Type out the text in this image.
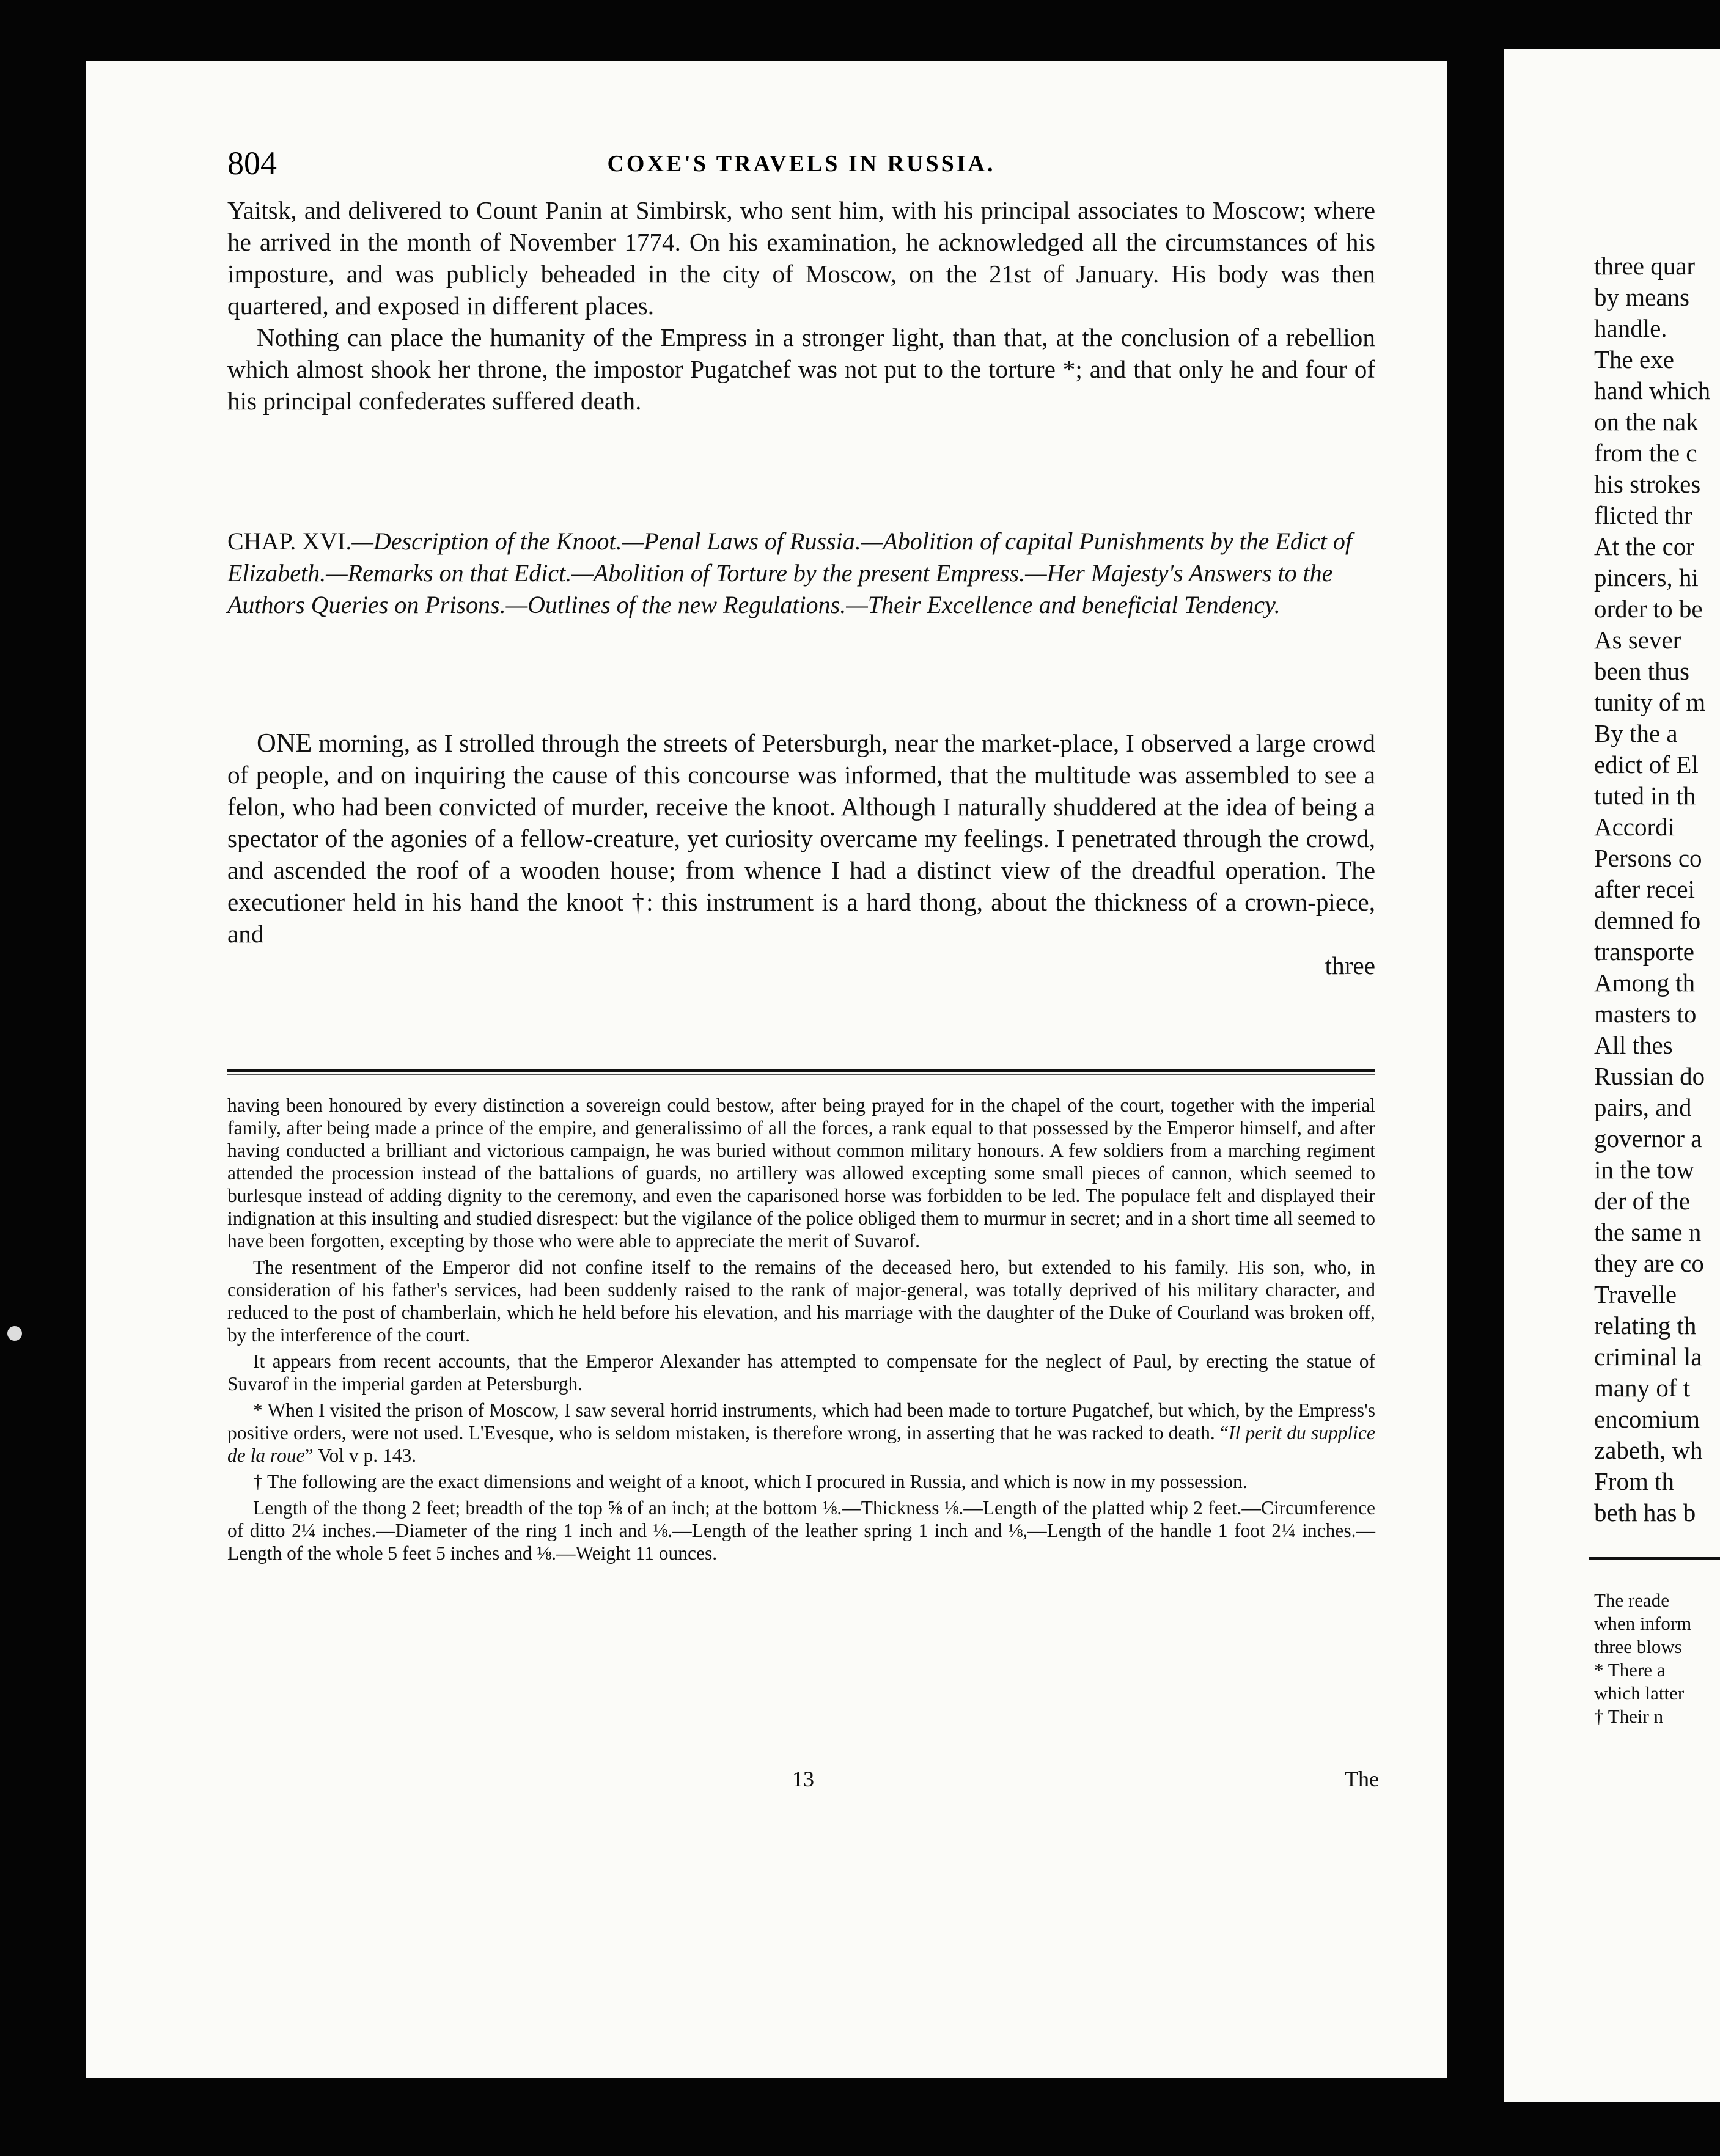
804	COXE'S TRAVELS IN RUSSIA.

Yaitsk, and delivered to Count Panin at Simbirsk, who sent him, with his principal associates to Moscow; where he arrived in the month of November 1774. On his examination, he acknowledged all the circumstances of his imposture, and was publicly beheaded in the city of Moscow, on the 21st of January. His body was then quartered, and exposed in different places.

Nothing can place the humanity of the Empress in a stronger light, than that, at the conclusion of a rebellion which almost shook her throne, the impostor Pugatchef was not put to the torture *; and that only he and four of his principal confederates suffered death.

CHAP. XVI.—Description of the Knoot.—Penal Laws of Russia.—Abolition of capital Punishments by the Edict of Elizabeth.—Remarks on that Edict.—Abolition of Torture by the present Empress.—Her Majesty's Answers to the Authors Queries on Prisons.—Outlines of the new Regulations.—Their Excellence and beneficial Tendency.

ONE morning, as I strolled through the streets of Petersburgh, near the market-place, I observed a large crowd of people, and on inquiring the cause of this concourse was informed, that the multitude was assembled to see a felon, who had been convicted of murder, receive the knoot. Although I naturally shuddered at the idea of being a spectator of the agonies of a fellow-creature, yet curiosity overcame my feelings. I penetrated through the crowd, and ascended the roof of a wooden house; from whence I had a distinct view of the dreadful operation. The executioner held in his hand the knoot †: this instrument is a hard thong, about the thickness of a crown-piece, and

three

having been honoured by every distinction a sovereign could bestow, after being prayed for in the chapel of the court, together with the imperial family, after being made a prince of the empire, and generalissimo of all the forces, a rank equal to that possessed by the Emperor himself, and after having conducted a brilliant and victorious campaign, he was buried without common military honours. A few soldiers from a marching regiment attended the procession instead of the battalions of guards, no artillery was allowed excepting some small pieces of cannon, which seemed to burlesque instead of adding dignity to the ceremony, and even the caparisoned horse was forbidden to be led. The populace felt and displayed their indignation at this insulting and studied disrespect: but the vigilance of the police obliged them to murmur in secret; and in a short time all seemed to have been forgotten, excepting by those who were able to appreciate the merit of Suvarof.

The resentment of the Emperor did not confine itself to the remains of the deceased hero, but extended to his family. His son, who, in consideration of his father's services, had been suddenly raised to the rank of major-general, was totally deprived of his military character, and reduced to the post of chamberlain, which he held before his elevation, and his marriage with the daughter of the Duke of Courland was broken off, by the interference of the court.

It appears from recent accounts, that the Emperor Alexander has attempted to compensate for the neglect of Paul, by erecting the statue of Suvarof in the imperial garden at Petersburgh.

* When I visited the prison of Moscow, I saw several horrid instruments, which had been made to torture Pugatchef, but which, by the Empress's positive orders, were not used. L'Evesque, who is seldom mistaken, is therefore wrong, in asserting that he was racked to death. “Il perit du supplice de la roue” Vol v p. 143.

† The following are the exact dimensions and weight of a knoot, which I procured in Russia, and which is now in my possession.

Length of the thong 2 feet; breadth of the top ⅝ of an inch; at the bottom ⅛.—Thickness ⅛.—Length of the platted whip 2 feet.—Circumference of ditto 2¼ inches.—Diameter of the ring 1 inch and ⅛.—Length of the leather spring 1 inch and ⅛,—Length of the handle 1 foot 2¼ inches.—Length of the whole 5 feet 5 inches and ⅛.—Weight 11 ounces.

13	The
three quar
by means
handle.
The exe
hand which
on the nak
from the c
his strokes
flicted thr
At the cor
pincers, hi
order to be
As sever
been thus
tunity of m
By the a
edict of El
tuted in th
Accordi
Persons co
after recei
demned fo
transporte
Among th
masters to
All thes
Russian do
pairs, and
governor a
in the tow
der of the
the same n
they are co
Travelle
relating th
criminal la
many of t
encomium
zabeth, wh
From th
beth has b
The reade
when inform
three blows
* There a
which latter
† Their n
